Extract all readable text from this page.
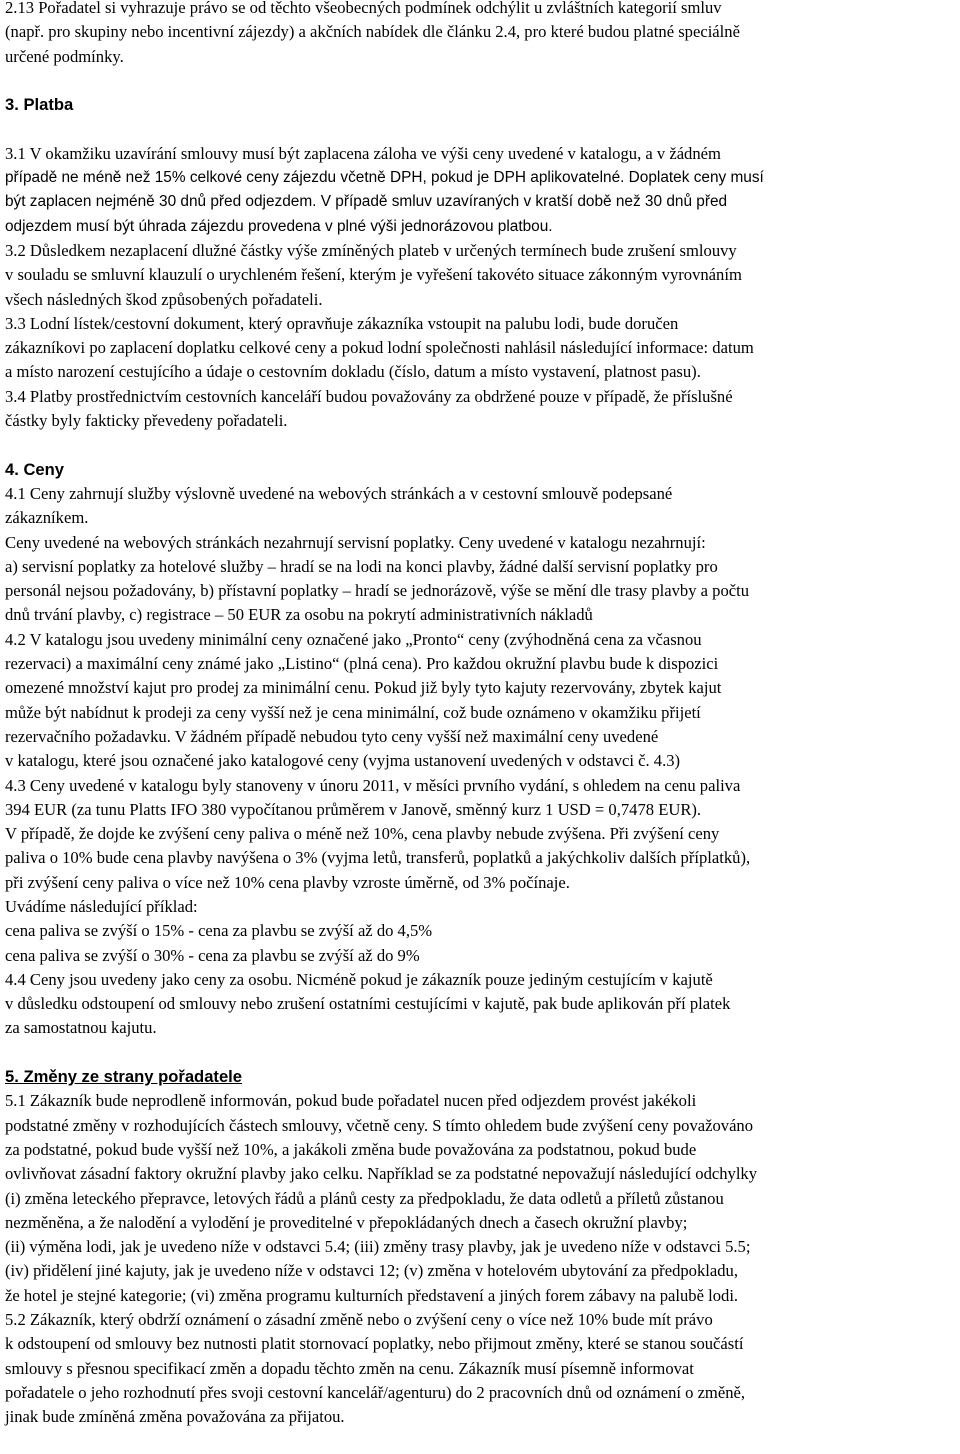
2.13 Pořadatel si vyhrazuje právo se od těchto všeobecných podmínek odchýlit u zvláštních kategorií smluv
(např. pro skupiny nebo incentivní zájezdy) a akčních nabídek dle článku 2.4, pro které budou platné speciálně
určené podmínky.
3. Platba
3.1 V okamžiku uzavírání smlouvy musí být zaplacena záloha ve výši ceny uvedené v katalogu, a v žádném
případě ne méně než 15% celkové ceny zájezdu včetně DPH, pokud je DPH aplikovatelné. Doplatek ceny musí
být zaplacen nejméně 30 dnů před odjezdem. V případě smluv uzavíraných v kratší době než 30 dnů před
odjezdem musí být úhrada zájezdu provedena v plné výši jednorázovou platbou.
3.2 Důsledkem nezaplacení dlužné částky výše zmíněných plateb v určených termínech bude zrušení smlouvy
v souladu se smluvní klauzulí o urychleném řešení, kterým je vyřešení takovéto situace zákonným vyrovnáním
všech následných škod způsobených pořadateli.
3.3 Lodní lístek/cestovní dokument, který opravňuje zákazníka vstoupit na palubu lodi, bude doručen
zákazníkovi po zaplacení doplatku celkové ceny a pokud lodní společnosti nahlásil následující informace: datum
a místo narození cestujícího a údaje o cestovním dokladu (číslo, datum a místo vystavení, platnost pasu).
3.4 Platby prostřednictvím cestovních kanceláří budou považovány za obdržené pouze v případě, že příslušné
částky byly fakticky převedeny pořadateli.
4. Ceny
4.1 Ceny zahrnují služby výslovně uvedené na webových stránkách a v cestovní smlouvě podepsané
zákazníkem.
Ceny uvedené na webových stránkách nezahrnují servisní poplatky. Ceny uvedené v katalogu nezahrnují:
a) servisní poplatky za hotelové služby – hradí se na lodi na konci plavby, žádné další servisní poplatky pro
personál nejsou požadovány, b) přístavní poplatky – hradí se jednorázově, výše se mění dle trasy plavby a počtu
dnů trvání plavby, c) registrace – 50 EUR za osobu na pokrytí administrativních nákladů
4.2 V katalogu jsou uvedeny minimální ceny označené jako „Pronto“ ceny (zvýhodněná cena za včasnou
rezervaci) a maximální ceny známé jako „Listino“ (plná cena). Pro každou okružní plavbu bude k dispozici
omezené množství kajut pro prodej za minimální cenu. Pokud již byly tyto kajuty rezervovány, zbytek kajut
může být nabídnut k prodeji za ceny vyšší než je cena minimální, což bude oznámeno v okamžiku přijetí
rezervačního požadavku. V žádném případě nebudou tyto ceny vyšší než maximální ceny uvedené
v katalogu, které jsou označené jako katalogové ceny (vyjma ustanovení uvedených v odstavci č. 4.3)
4.3 Ceny uvedené v katalogu byly stanoveny v únoru 2011, v měsíci prvního vydání, s ohledem na cenu paliva
394 EUR (za tunu Platts IFO 380 vypočítanou průměrem v Janově, směnný kurz 1 USD = 0,7478 EUR).
V případě, že dojde ke zvýšení ceny paliva o méně než 10%, cena plavby nebude zvýšena. Při zvýšení ceny
paliva o 10% bude cena plavby navýšena o 3% (vyjma letů, transferů, poplatků a jakýchkoliv dalších příplatků),
při zvýšení ceny paliva o více než 10% cena plavby vzroste úměrně, od 3% počínaje.
Uvádíme následující příklad:
cena paliva se zvýší o 15% - cena za plavbu se zvýší až do 4,5%
cena paliva se zvýší o 30% - cena za plavbu se zvýší až do 9%
4.4 Ceny jsou uvedeny jako ceny za osobu. Nicméně pokud je zákazník pouze jediným cestujícím v kajutě
v důsledku odstoupení od smlouvy nebo zrušení ostatními cestujícími v kajutě, pak bude aplikován pří platek
za samostatnou kajutu.
5. Změny ze strany pořadatele
5.1 Zákazník bude neprodleně informován, pokud bude pořadatel nucen před odjezdem provést jakékoli
podstatné změny v rozhodujících částech smlouvy, včetně ceny. S tímto ohledem bude zvýšení ceny považováno
za podstatné, pokud bude vyšší než 10%, a jakákoli změna bude považována za podstatnou, pokud bude
ovlivňovat zásadní faktory okružní plavby jako celku. Například se za podstatné nepovažují následující odchylky
(i) změna leteckého přepravce, letových řádů a plánů cesty za předpokladu, že data odletů a příletů zůstanou
nezměněna, a že nalodění a vylodění je proveditelné v přepokládaných dnech a časech okružní plavby;
(ii) výměna lodi, jak je uvedeno níže v odstavci 5.4; (iii) změny trasy plavby, jak je uvedeno níže v odstavci 5.5;
(iv) přidělení jiné kajuty, jak je uvedeno níže v odstavci 12; (v) změna v hotelovém ubytování za předpokladu,
že hotel je stejné kategorie; (vi) změna programu kulturních představení a jiných forem zábavy na palubě lodi.
5.2 Zákazník, který obdrží oznámení o zásadní změně nebo o zvýšení ceny o více než 10% bude mít právo
k odstoupení od smlouvy bez nutnosti platit stornovací poplatky, nebo přijmout změny, které se stanou součástí
smlouvy s přesnou specifikací změn a dopadu těchto změn na cenu. Zákazník musí písemně informovat
pořadatele o jeho rozhodnutí přes svoji cestovní kancelář/agenturu) do 2 pracovních dnů od oznámení o změně,
jinak bude zmíněná změna považována za přijatou.
